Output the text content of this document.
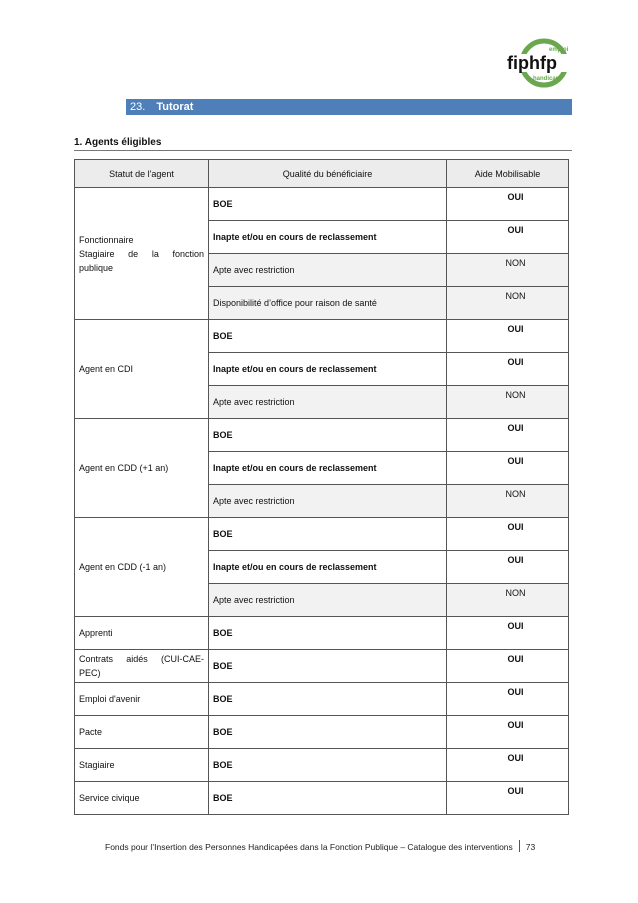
emploi
fiphfp
handicap
23. Tutorat
1. Agents éligibles
Statut de l'agent	Qualité du bénéficiaire	Aide Mobilisable
Fonctionnaire
Stagiaire de la fonction publique	BOE	OUI
	Inapte et/ou en cours de reclassement	OUI
	Apte avec restriction	NON
	Disponibilité d’office pour raison de santé	NON
Agent en CDI	BOE	OUI
	Inapte et/ou en cours de reclassement	OUI
	Apte avec restriction	NON
Agent en CDD (+1 an)	BOE	OUI
	Inapte et/ou en cours de reclassement	OUI
	Apte avec restriction	NON
Agent en CDD (-1 an)	BOE	OUI
	Inapte et/ou en cours de reclassement	OUI
	Apte avec restriction	NON
Apprenti	BOE	OUI
Contrats aidés (CUI-CAE-PEC)	BOE	OUI
Emploi d'avenir	BOE	OUI
Pacte	BOE	OUI
Stagiaire	BOE	OUI
Service civique	BOE	OUI
Fonds pour l’Insertion des Personnes Handicapées dans la Fonction Publique – Catalogue des interventions 73
